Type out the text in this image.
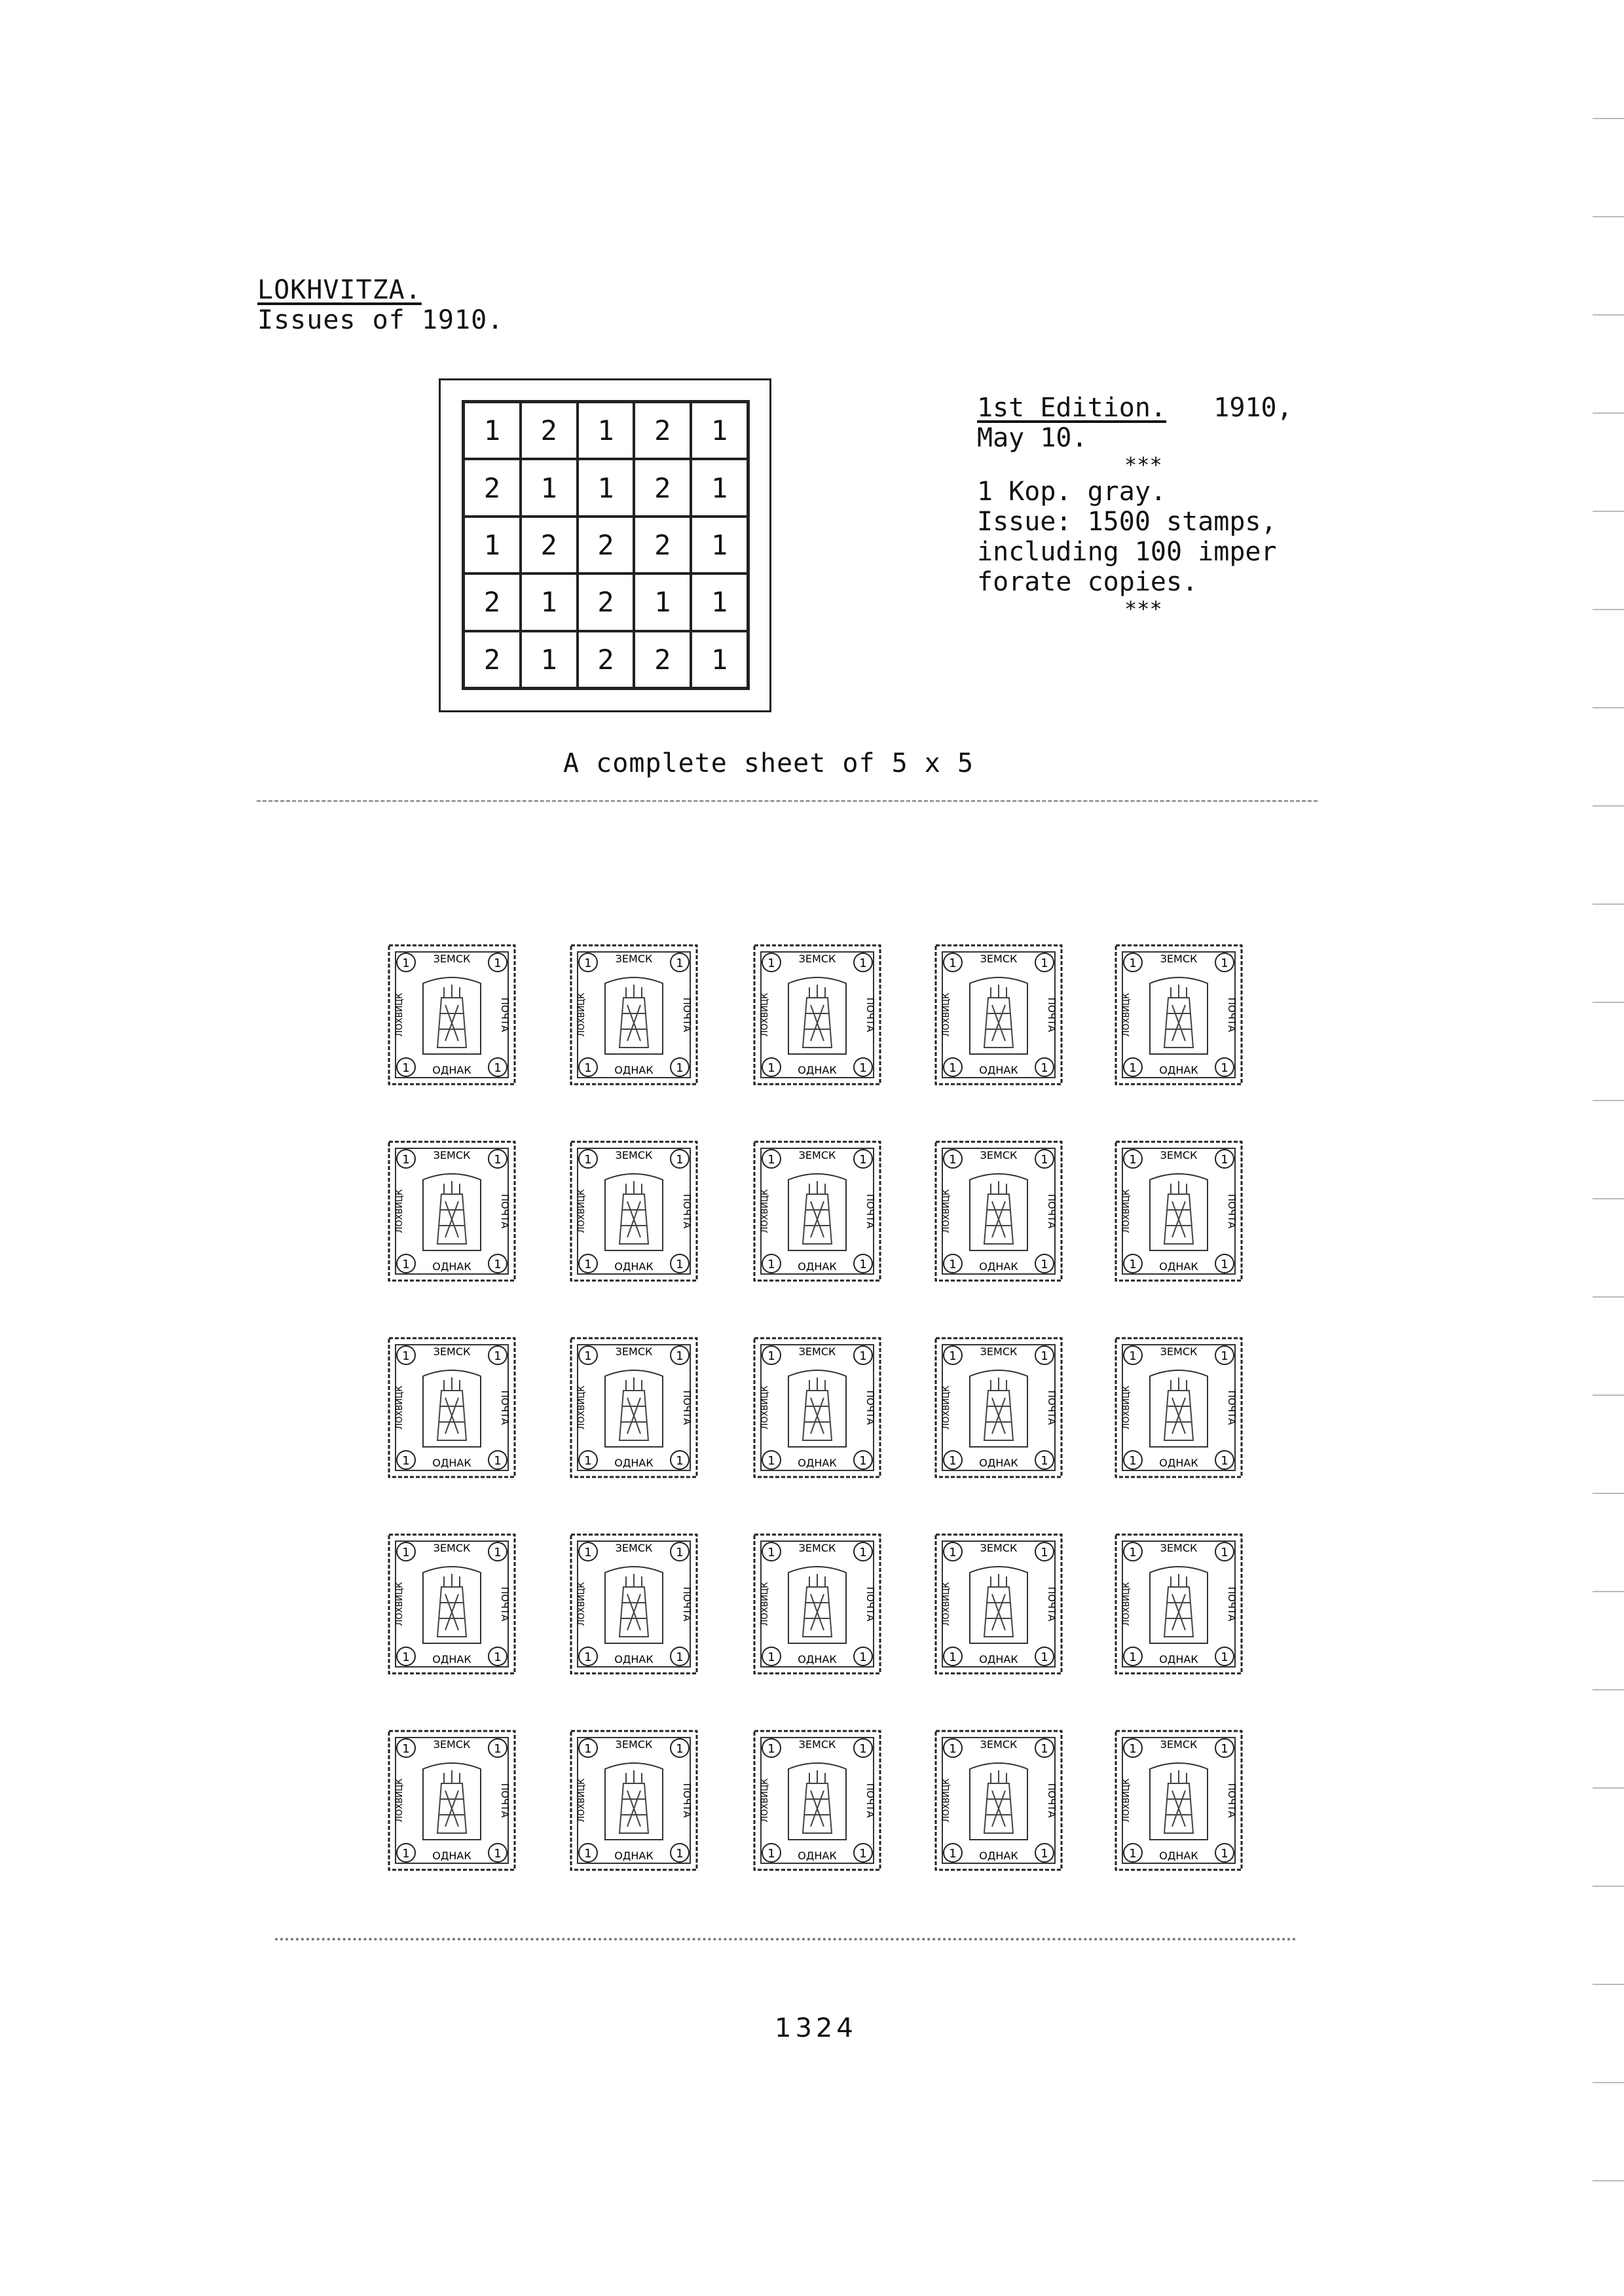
LOKHVITZA.
Issues of 1910.
1	2	1	2	1
2	1	1	2	1
1	2	2	2	1
2	1	2	1	1
2	1	2	2	1
1st Edition. 1910,
May 10.
***
1 Kop. gray.
Issue: 1500 stamps,
including 100 imper
forate copies.
***
A complete sheet of 5 x 5
1	1
1	1
ЗЕМСК
ОДНАК
ПОЧТА
ЛОХВИЦК
1	1
1	1
ЗЕМСК
ОДНАК
ПОЧТА
ЛОХВИЦК
1	1
1	1
ЗЕМСК
ОДНАК
ПОЧТА
ЛОХВИЦК
1	1
1	1
ЗЕМСК
ОДНАК
ПОЧТА
ЛОХВИЦК
1	1
1	1
ЗЕМСК
ОДНАК
ПОЧТА
ЛОХВИЦК
1	1
1	1
ЗЕМСК
ОДНАК
ПОЧТА
ЛОХВИЦК
1	1
1	1
ЗЕМСК
ОДНАК
ПОЧТА
ЛОХВИЦК
1	1
1	1
ЗЕМСК
ОДНАК
ПОЧТА
ЛОХВИЦК
1	1
1	1
ЗЕМСК
ОДНАК
ПОЧТА
ЛОХВИЦК
1	1
1	1
ЗЕМСК
ОДНАК
ПОЧТА
ЛОХВИЦК
1	1
1	1
ЗЕМСК
ОДНАК
ПОЧТА
ЛОХВИЦК
1	1
1	1
ЗЕМСК
ОДНАК
ПОЧТА
ЛОХВИЦК
1	1
1	1
ЗЕМСК
ОДНАК
ПОЧТА
ЛОХВИЦК
1	1
1	1
ЗЕМСК
ОДНАК
ПОЧТА
ЛОХВИЦК
1	1
1	1
ЗЕМСК
ОДНАК
ПОЧТА
ЛОХВИЦК
1	1
1	1
ЗЕМСК
ОДНАК
ПОЧТА
ЛОХВИЦК
1	1
1	1
ЗЕМСК
ОДНАК
ПОЧТА
ЛОХВИЦК
1	1
1	1
ЗЕМСК
ОДНАК
ПОЧТА
ЛОХВИЦК
1	1
1	1
ЗЕМСК
ОДНАК
ПОЧТА
ЛОХВИЦК
1	1
1	1
ЗЕМСК
ОДНАК
ПОЧТА
ЛОХВИЦК
1	1
1	1
ЗЕМСК
ОДНАК
ПОЧТА
ЛОХВИЦК
1	1
1	1
ЗЕМСК
ОДНАК
ПОЧТА
ЛОХВИЦК
1	1
1	1
ЗЕМСК
ОДНАК
ПОЧТА
ЛОХВИЦК
1	1
1	1
ЗЕМСК
ОДНАК
ПОЧТА
ЛОХВИЦК
1	1
1	1
ЗЕМСК
ОДНАК
ПОЧТА
ЛОХВИЦК
1324
